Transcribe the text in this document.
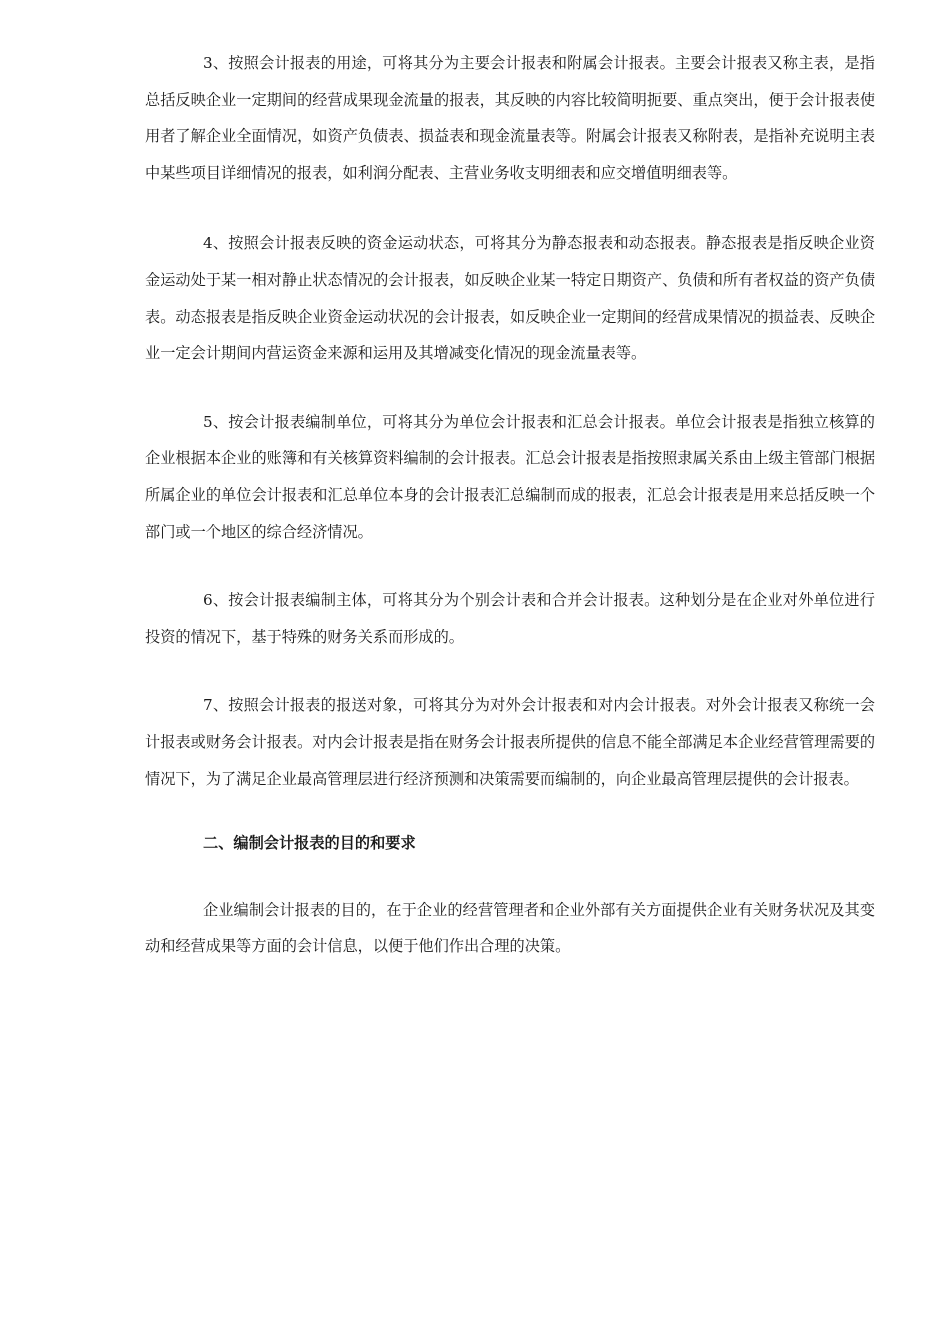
3、按照会计报表的用途，可将其分为主要会计报表和附属会计报表。主要会计报表又称主表，是指总括反映企业一定期间的经营成果现金流量的报表，其反映的内容比较简明扼要、重点突出，便于会计报表使用者了解企业全面情况，如资产负债表、损益表和现金流量表等。附属会计报表又称附表，是指补充说明主表中某些项目详细情况的报表，如利润分配表、主营业务收支明细表和应交增值明细表等。

4、按照会计报表反映的资金运动状态，可将其分为静态报表和动态报表。静态报表是指反映企业资金运动处于某一相对静止状态情况的会计报表，如反映企业某一特定日期资产、负债和所有者权益的资产负债表。动态报表是指反映企业资金运动状况的会计报表，如反映企业一定期间的经营成果情况的损益表、反映企业一定会计期间内营运资金来源和运用及其增减变化情况的现金流量表等。

5、按会计报表编制单位，可将其分为单位会计报表和汇总会计报表。单位会计报表是指独立核算的企业根据本企业的账簿和有关核算资料编制的会计报表。汇总会计报表是指按照隶属关系由上级主管部门根据所属企业的单位会计报表和汇总单位本身的会计报表汇总编制而成的报表，汇总会计报表是用来总括反映一个部门或一个地区的综合经济情况。

6、按会计报表编制主体，可将其分为个别会计表和合并会计报表。这种划分是在企业对外单位进行投资的情况下，基于特殊的财务关系而形成的。

7、按照会计报表的报送对象，可将其分为对外会计报表和对内会计报表。对外会计报表又称统一会计报表或财务会计报表。对内会计报表是指在财务会计报表所提供的信息不能全部满足本企业经营管理需要的情况下，为了满足企业最高管理层进行经济预测和决策需要而编制的，向企业最高管理层提供的会计报表。

二、编制会计报表的目的和要求

企业编制会计报表的目的，在于企业的经营管理者和企业外部有关方面提供企业有关财务状况及其变动和经营成果等方面的会计信息，以便于他们作出合理的决策。
